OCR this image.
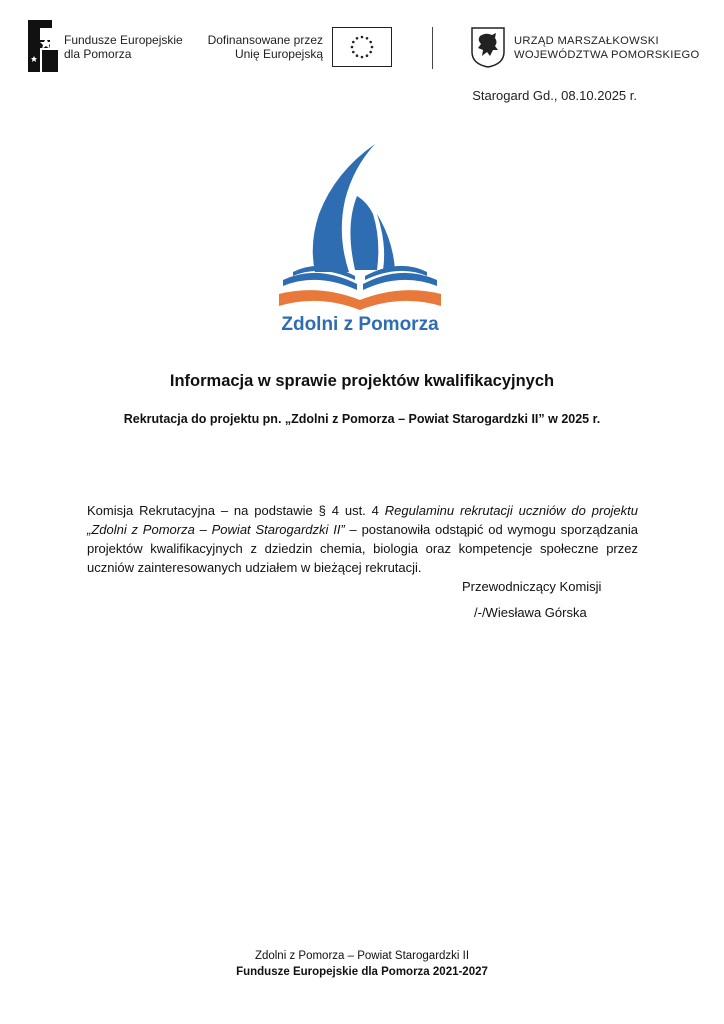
Fundusze Europejskie
dla Pomorza
Dofinansowane przez
Unię Europejską
URZĄD MARSZAŁKOWSKI
WOJEWÓDZTWA POMORSKIEGO
Starogard Gd., 08.10.2025 r.
Zdolni z Pomorza
Informacja w sprawie projektów kwalifikacyjnych
Rekrutacja do projektu pn. „Zdolni z Pomorza – Powiat Starogardzki II” w 2025 r.
Komisja Rekrutacyjna – na podstawie § 4 ust. 4 Regulaminu rekrutacji uczniów do projektu „Zdolni z Pomorza – Powiat Starogardzki II” – postanowiła odstąpić od wymogu sporządzania projektów kwalifikacyjnych z dziedzin chemia, biologia oraz kompetencje społeczne przez uczniów zainteresowanych udziałem w bieżącej rekrutacji.
Przewodniczący Komisji
/-/Wiesława Górska
Zdolni z Pomorza – Powiat Starogardzki II
Fundusze Europejskie dla Pomorza 2021-2027
